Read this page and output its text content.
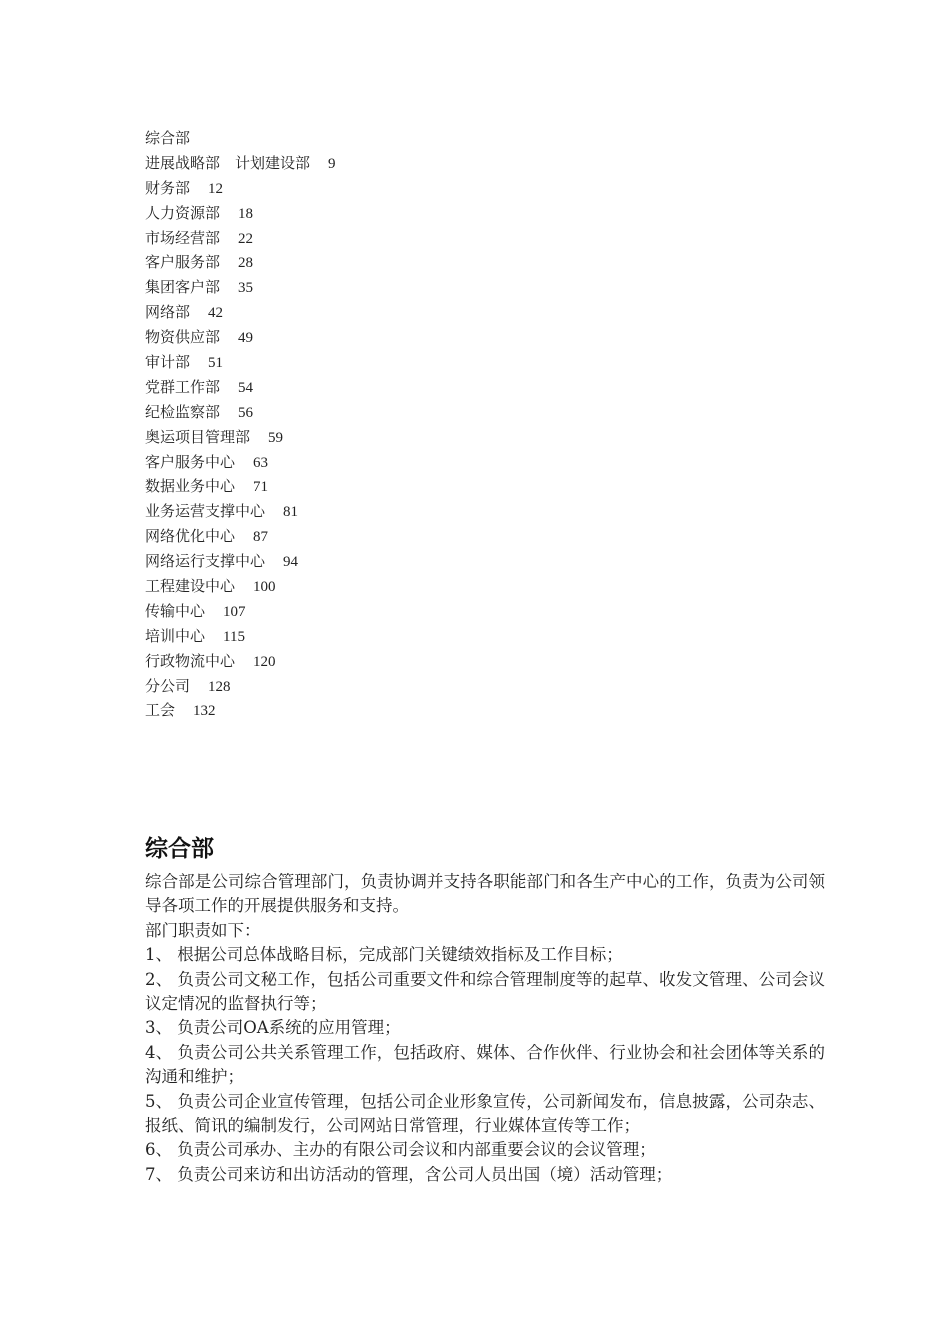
综合部
进展战略部　计划建设部 9
财务部 12
人力资源部 18
市场经营部 22
客户服务部 28
集团客户部 35
网络部 42
物资供应部 49
审计部 51
党群工作部 54
纪检监察部 56
奥运项目管理部 59
客户服务中心 63
数据业务中心 71
业务运营支撑中心 81
网络优化中心 87
网络运行支撑中心 94
工程建设中心 100
传输中心 107
培训中心 115
行政物流中心 120
分公司 128
工会 132
综合部

综合部是公司综合管理部门，负责协调并支持各职能部门和各生产中心的工作，负责为公司领导各项工作的开展提供服务和支持。

部门职责如下：

1、 根据公司总体战略目标，完成部门关键绩效指标及工作目标；

2、 负责公司文秘工作，包括公司重要文件和综合管理制度等的起草、收发文管理、公司会议议定情况的监督执行等；

3、 负责公司OA系统的应用管理；

4、 负责公司公共关系管理工作，包括政府、媒体、合作伙伴、行业协会和社会团体等关系的沟通和维护；

5、 负责公司企业宣传管理，包括公司企业形象宣传，公司新闻发布，信息披露，公司杂志、报纸、简讯的编制发行，公司网站日常管理，行业媒体宣传等工作；

6、 负责公司承办、主办的有限公司会议和内部重要会议的会议管理；

7、 负责公司来访和出访活动的管理，含公司人员出国（境）活动管理；
